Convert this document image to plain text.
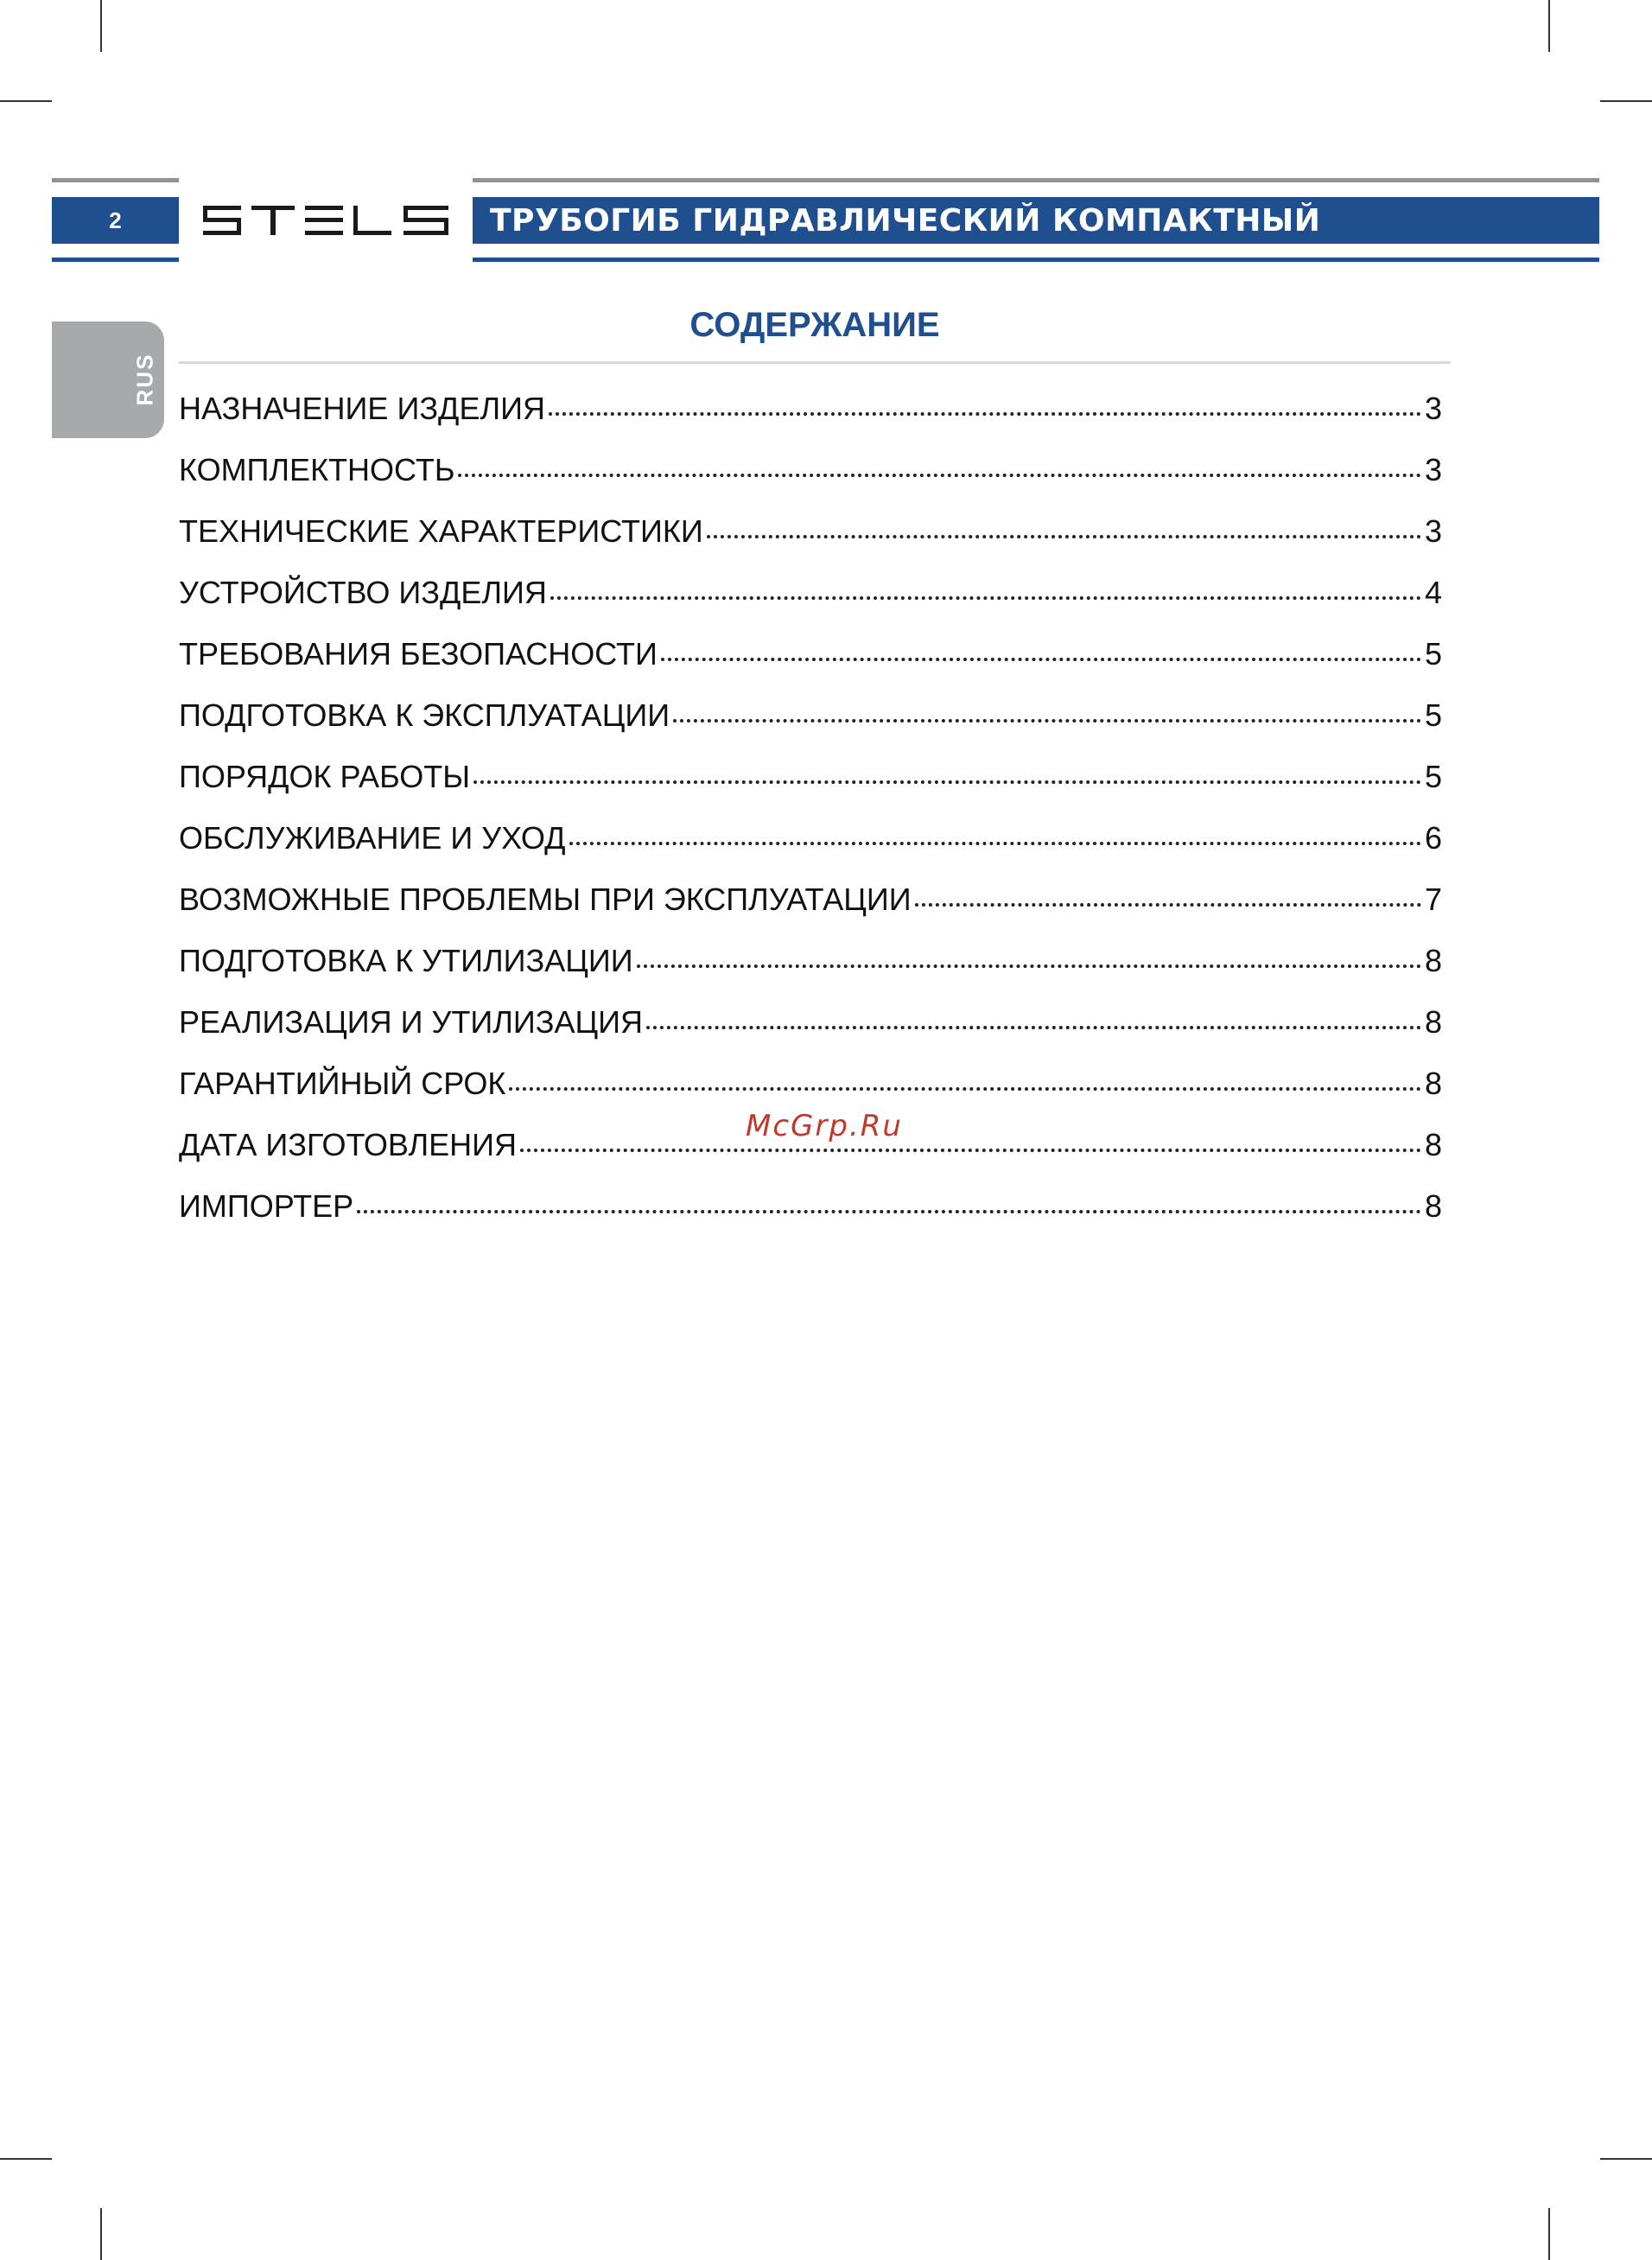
2	ТРУБОГИБ ГИДРАВЛИЧЕСКИЙ КОМПАКТНЫЙ
RUS
СОДЕРЖАНИЕ
НАЗНАЧЕНИЕ ИЗДЕЛИЯ	3
КОМПЛЕКТНОСТЬ	3
ТЕХНИЧЕСКИЕ ХАРАКТЕРИСТИКИ	3
УСТРОЙСТВО ИЗДЕЛИЯ	4
ТРЕБОВАНИЯ БЕЗОПАСНОСТИ	5
ПОДГОТОВКА К ЭКСПЛУАТАЦИИ	5
ПОРЯДОК РАБОТЫ	5
ОБСЛУЖИВАНИЕ И УХОД	6
ВОЗМОЖНЫЕ ПРОБЛЕМЫ ПРИ ЭКСПЛУАТАЦИИ	7
ПОДГОТОВКА К УТИЛИЗАЦИИ	8
РЕАЛИЗАЦИЯ И УТИЛИЗАЦИЯ	8
ГАРАНТИЙНЫЙ СРОК	8
ДАТА ИЗГОТОВЛЕНИЯ	8
ИМПОРТЕР	8
McGrp.Ru
